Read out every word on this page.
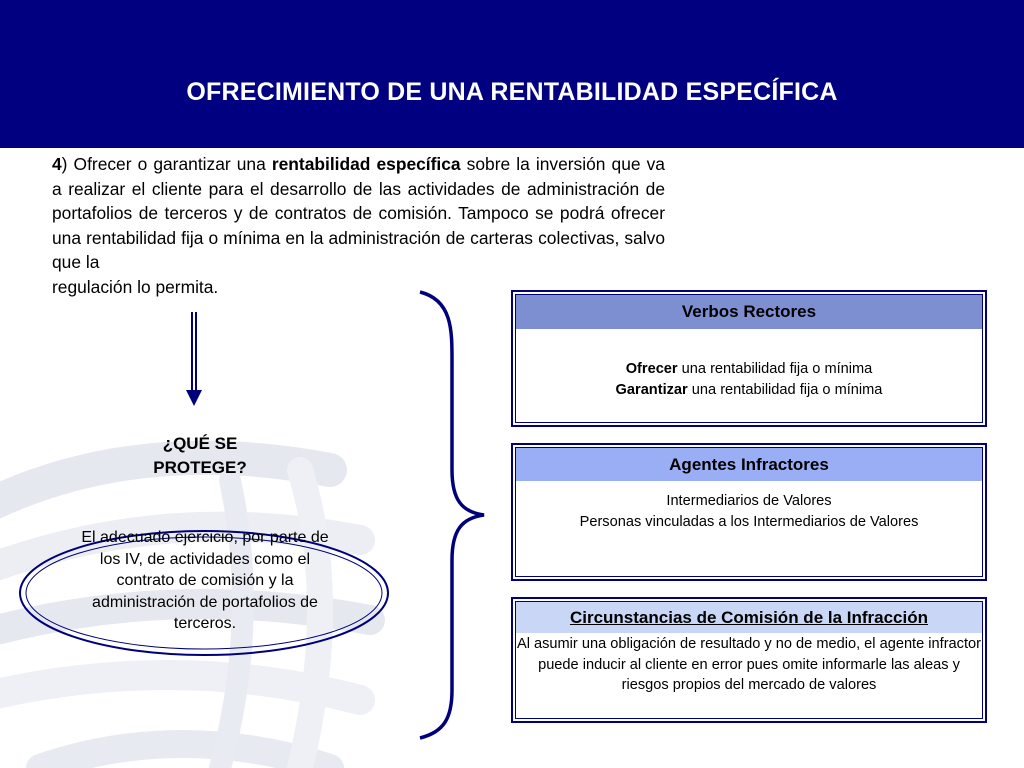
OFRECIMIENTO DE UNA RENTABILIDAD ESPECÍFICA
4) Ofrecer o garantizar una rentabilidad específica sobre la inversión que va a realizar el cliente para el desarrollo de las actividades de administración de portafolios de terceros y de contratos de comisión. Tampoco se podrá ofrecer una rentabilidad fija o mínima en la administración de carteras colectivas, salvo que la
regulación lo permita.
¿QUÉ SE PROTEGE?
El adecuado ejercicio, por parte de los IV, de actividades como el contrato de comisión y la administración de portafolios de terceros.
Verbos Rectores
Ofrecer una rentabilidad fija o mínima
Garantizar una rentabilidad fija o mínima
Agentes Infractores
Intermediarios de Valores
Personas vinculadas a los Intermediarios de Valores
Circunstancias de Comisión de la Infracción
Al asumir una obligación de resultado y no de medio, el agente infractor puede inducir al cliente en error pues omite informarle las aleas y riesgos propios del mercado de valores
